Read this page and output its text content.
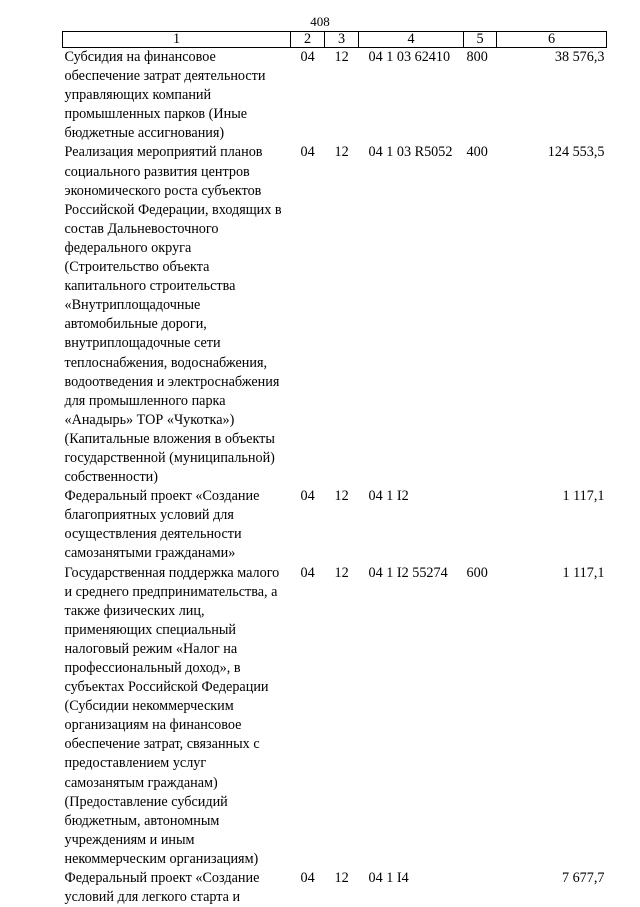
408
1	2	3	4	5	6
Субсидия на финансовое обеспечение затрат деятельности управляющих компаний промышленных парков (Иные бюджетные ассигнования)	04	12	04 1 03 62410	800	38 576,3
Реализация мероприятий планов социального развития центров экономического роста субъектов Российской Федерации, входящих в состав Дальневосточного федерального округа (Строительство объекта капитального строительства «Внутриплощадочные автомобильные дороги, внутриплощадочные сети теплоснабжения, водоснабжения, водоотведения и электроснабжения для промышленного парка «Анадырь» ТОР «Чукотка») (Капитальные вложения в объекты государственной (муниципальной) собственности)	04	12	04 1 03 R5052	400	124 553,5
Федеральный проект «Создание благоприятных условий для осуществления деятельности самозанятыми гражданами»	04	12	04 1 I2		1 117,1
Государственная поддержка малого и среднего предпринимательства, а также физических лиц, применяющих специальный налоговый режим «Налог на профессиональный доход», в субъектах Российской Федерации (Субсидии некоммерческим организациям на финансовое обеспечение затрат, связанных с предоставлением услуг самозанятым гражданам) (Предоставление субсидий бюджетным, автономным учреждениям и иным некоммерческим организациям)	04	12	04 1 I2 55274	600	1 117,1
Федеральный проект «Создание условий для легкого старта и	04	12	04 1 I4		7 677,7
